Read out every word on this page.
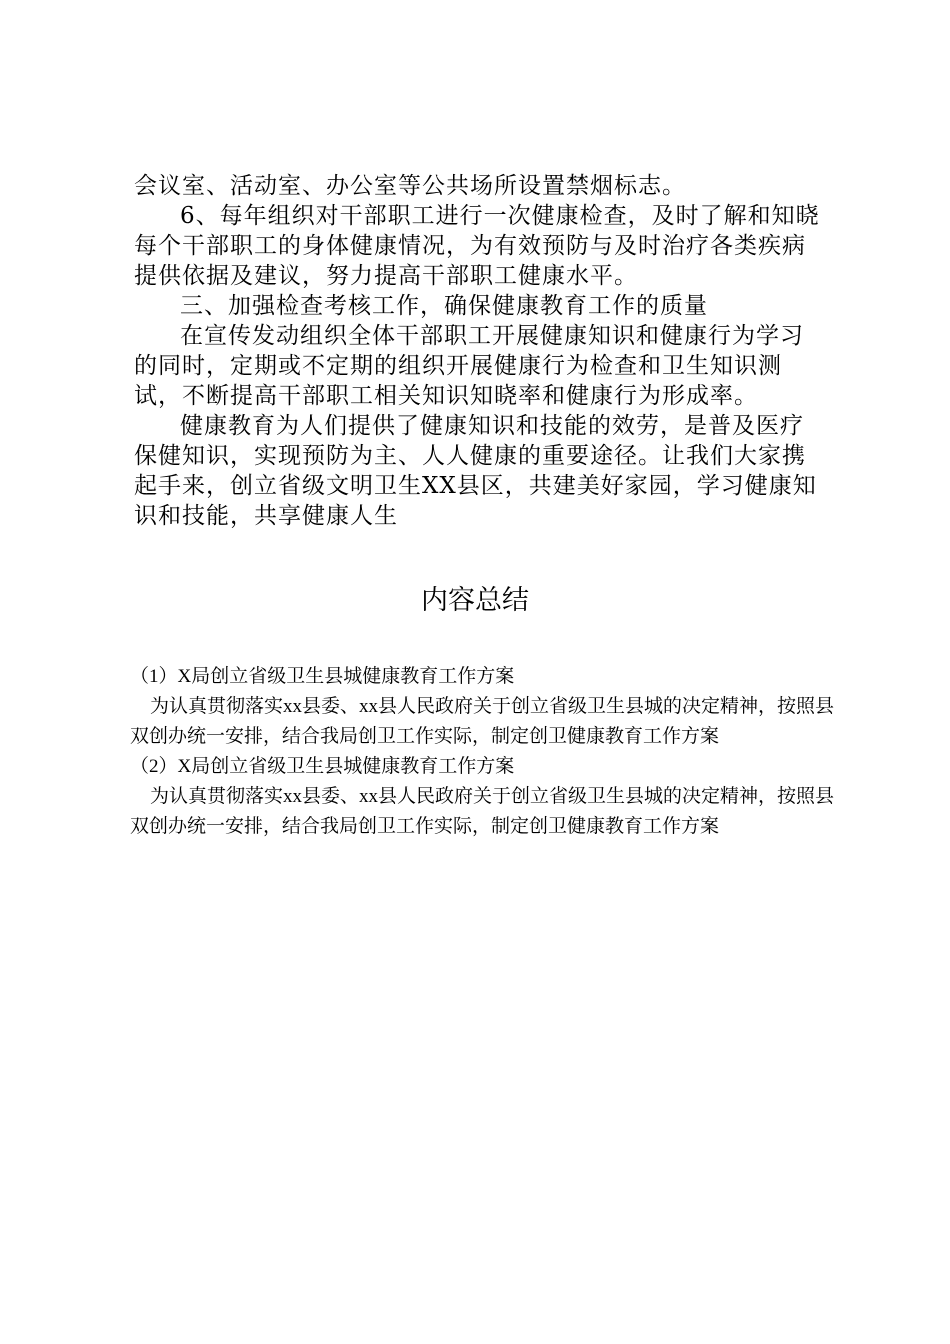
会议室、活动室、办公室等公共场所设置禁烟标志。

6、每年组织对干部职工进行一次健康检查，及时了解和知晓每个干部职工的身体健康情况，为有效预防与及时治疗各类疾病提供依据及建议，努力提高干部职工健康水平。

三、加强检查考核工作，确保健康教育工作的质量

在宣传发动组织全体干部职工开展健康知识和健康行为学习的同时，定期或不定期的组织开展健康行为检查和卫生知识测试，不断提高干部职工相关知识知晓率和健康行为形成率。

健康教育为人们提供了健康知识和技能的效劳，是普及医疗保健知识，实现预防为主、人人健康的重要途径。让我们大家携起手来，创立省级文明卫生XX县区，共建美好家园，学习健康知识和技能，共享健康人生

内容总结

（1）X局创立省级卫生县城健康教育工作方案

为认真贯彻落实xx县委、xx县人民政府关于创立省级卫生县城的决定精神，按照县双创办统一安排，结合我局创卫工作实际，制定创卫健康教育工作方案

（2）X局创立省级卫生县城健康教育工作方案

为认真贯彻落实xx县委、xx县人民政府关于创立省级卫生县城的决定精神，按照县双创办统一安排，结合我局创卫工作实际，制定创卫健康教育工作方案
